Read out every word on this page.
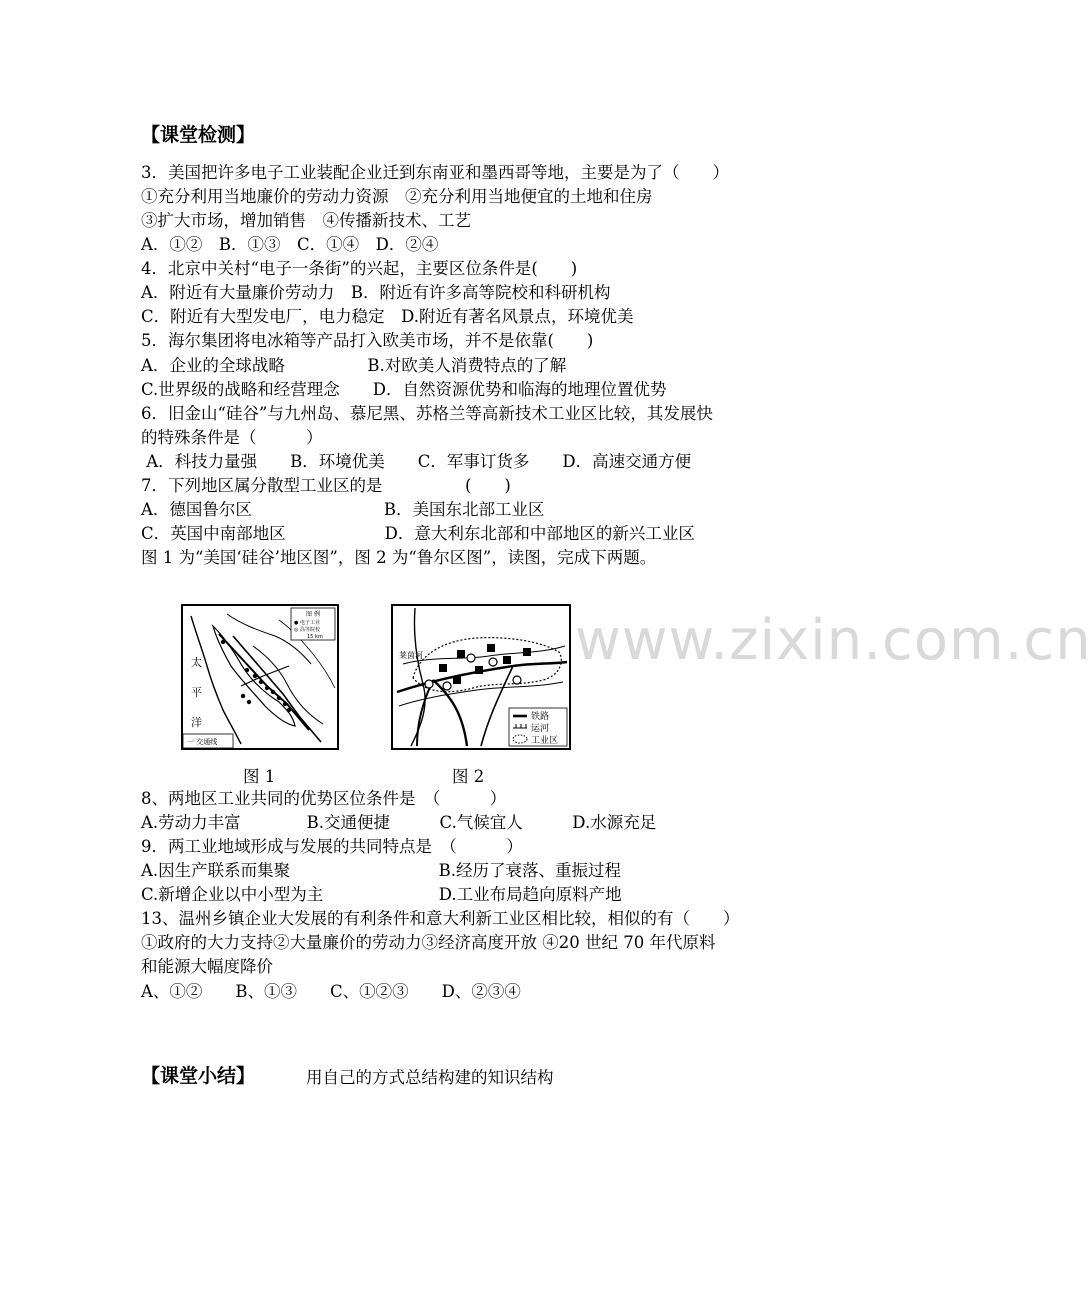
【课堂检测】
3．美国把许多电子工业装配企业迁到东南亚和墨西哥等地，主要是为了（　　）
①充分利用当地廉价的劳动力资源　②充分利用当地便宜的土地和住房
③扩大市场，增加销售　④传播新技术、工艺
A．①②　B．①③　C．①④　D．②④
4．北京中关村“电子一条街”的兴起，主要区位条件是(　　)
A．附近有大量廉价劳动力　B．附近有许多高等院校和科研机构
C．附近有大型发电厂，电力稳定　D.附近有著名风景点，环境优美
5．海尔集团将电冰箱等产品打入欧美市场，并不是依靠(　　)
A．企业的全球战略　　　　　B.对欧美人消费特点的了解
C.世界级的战略和经营理念　　D．自然资源优势和临海的地理位置优势
6．旧金山“硅谷”与九州岛、慕尼黑、苏格兰等高新技术工业区比较，其发展快
的特殊条件是（　　　）
A．科技力量强　　B．环境优美　　C．军事订货多　　D．高速交通方便
7．下列地区属分散型工业区的是　　　　　(　　)
A．德国鲁尔区　　　　　　　　B．美国东北部工业区
C．英国中南部地区　　　　　　D．意大利东北部和中部地区的新兴工业区
图 1 为“美国‘硅谷’地区图”，图 2 为“鲁尔区图”，读图，完成下两题。
www.zixin.com.cn
图 例
● 电子工业
◎ 高等院校
15 km
太
平
洋
一 交通线
莱茵河
铁路
运河
工业区
图 1	图 2
8、两地区工业共同的优势区位条件是　（　　　）
A.劳动力丰富　　　　B.交通便捷　　　C.气候宜人　　　D.水源充足
9．两工业地域形成与发展的共同特点是　（　　　）
A.因生产联系而集聚　　　　　　　　　B.经历了衰落、重振过程
C.新增企业以中小型为主　　　　　　　D.工业布局趋向原料产地
13、温州乡镇企业大发展的有利条件和意大利新工业区相比较，相似的有（　　）
①政府的大力支持②大量廉价的劳动力③经济高度开放 ④20 世纪 70 年代原料
和能源大幅度降价
A、①②　　B、①③　　C、①②③　　D、②③④
【课堂小结】	用自己的方式总结构建的知识结构
